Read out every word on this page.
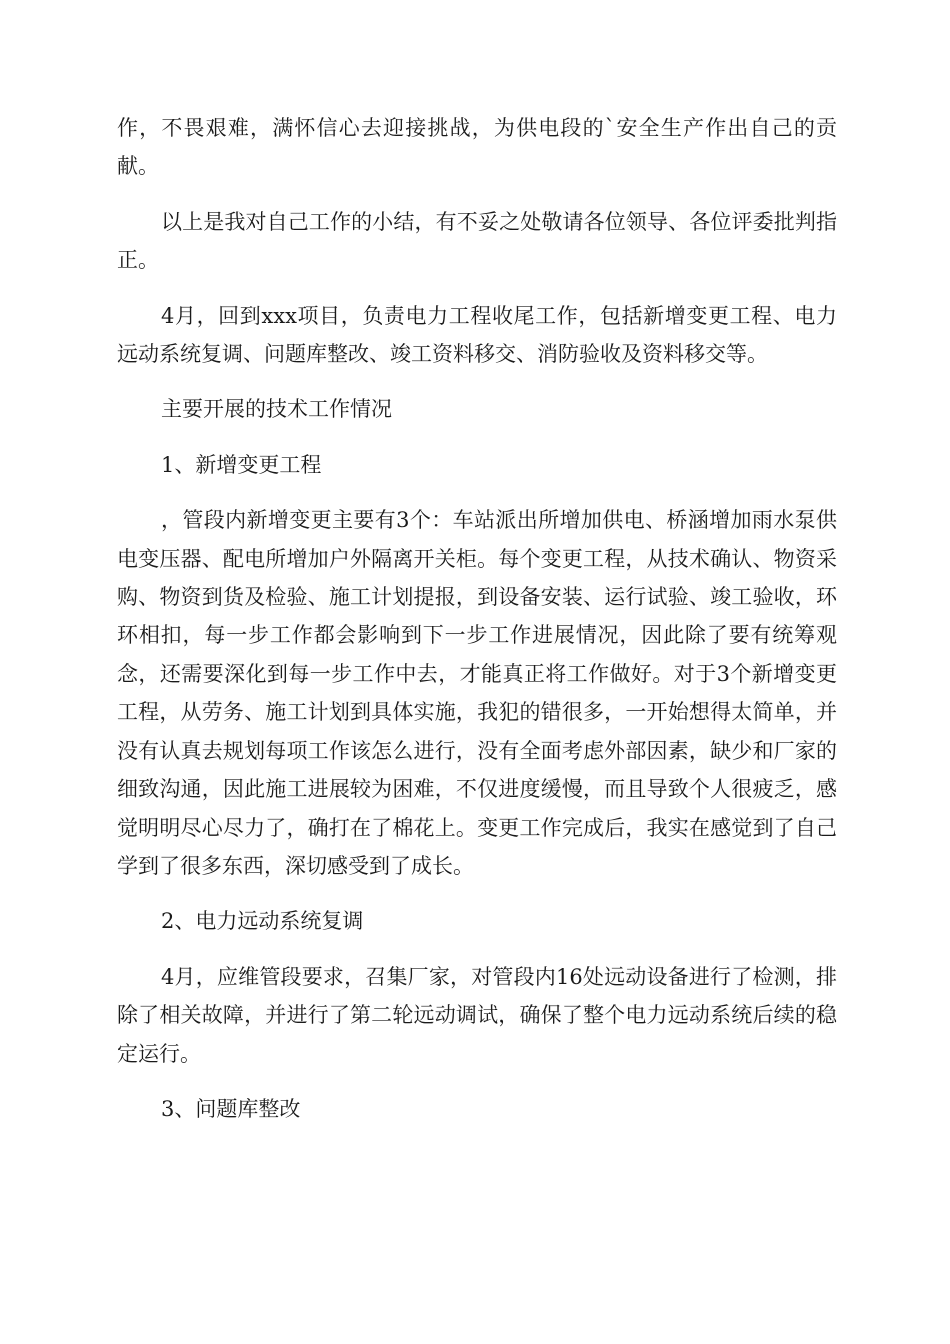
作，不畏艰难，满怀信心去迎接挑战，为供电段的`安全生产作出自己的贡献。

以上是我对自己工作的小结，有不妥之处敬请各位领导、各位评委批判指正。

4月，回到xxx项目，负责电力工程收尾工作，包括新增变更工程、电力远动系统复调、问题库整改、竣工资料移交、消防验收及资料移交等。

主要开展的技术工作情况

1、新增变更工程

，管段内新增变更主要有3个：车站派出所增加供电、桥涵增加雨水泵供电变压器、配电所增加户外隔离开关柜。每个变更工程，从技术确认、物资采购、物资到货及检验、施工计划提报，到设备安装、运行试验、竣工验收，环环相扣，每一步工作都会影响到下一步工作进展情况，因此除了要有统筹观念，还需要深化到每一步工作中去，才能真正将工作做好。对于3个新增变更工程，从劳务、施工计划到具体实施，我犯的错很多，一开始想得太简单，并没有认真去规划每项工作该怎么进行，没有全面考虑外部因素，缺少和厂家的细致沟通，因此施工进展较为困难，不仅进度缓慢，而且导致个人很疲乏，感觉明明尽心尽力了，确打在了棉花上。变更工作完成后，我实在感觉到了自己学到了很多东西，深切感受到了成长。

2、电力远动系统复调

4月，应维管段要求，召集厂家，对管段内16处远动设备进行了检测，排除了相关故障，并进行了第二轮远动调试，确保了整个电力远动系统后续的稳定运行。

3、问题库整改
